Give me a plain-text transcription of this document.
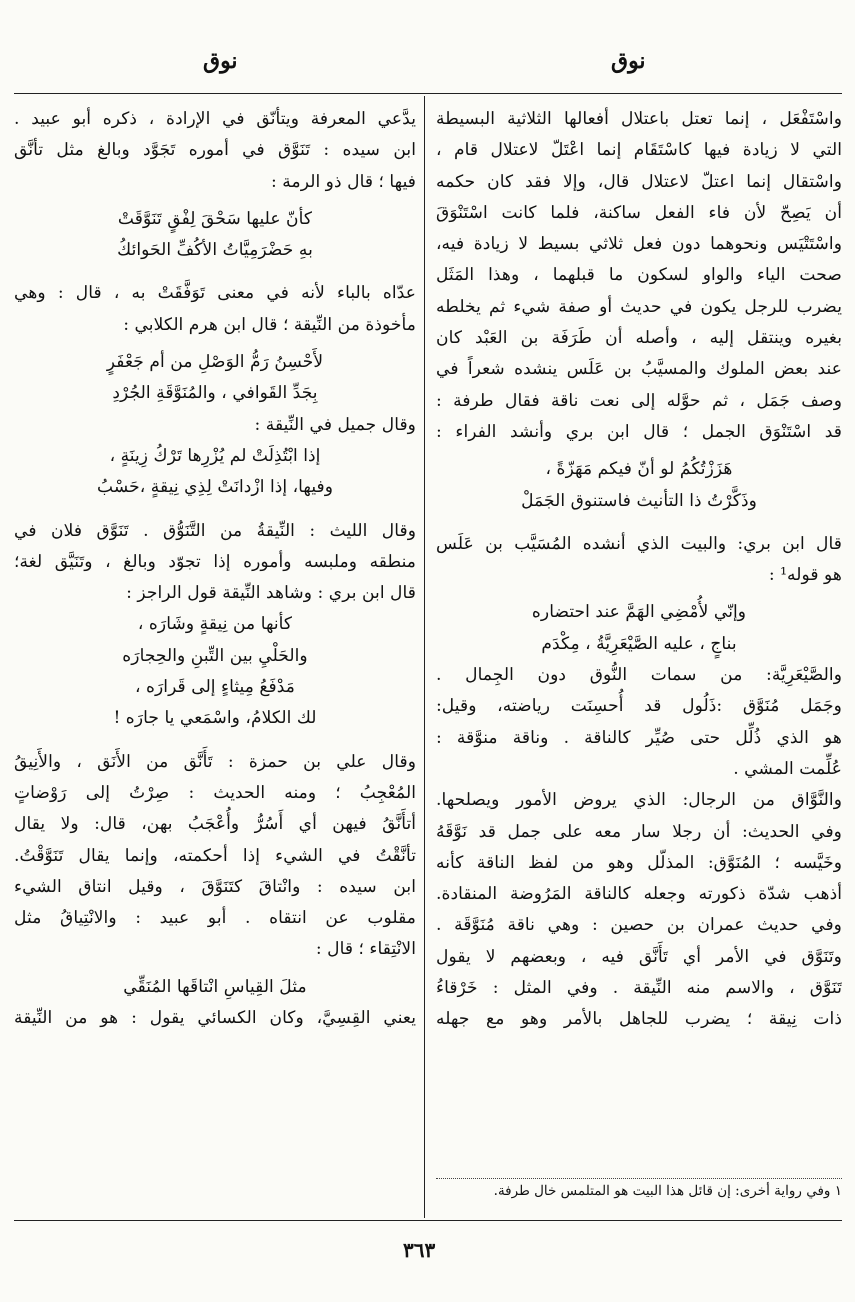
نوق
نوق
واسْتَفْعَل ، إنما تعتل باعتلال أفعالها الثلاثية البسيطة
التي لا زيادة فيها كاسْتَقَام إنما اعْتَلّ لاعتلال قام ،
واسْتقال إنما اعتلّ لاعتلال قال، وإلا فقد كان حكمه
أن يَصِحّ لأن فاء الفعل ساكنة، فلما كانت اسْتَنْوَقَ
واسْتَتْيَس ونحوهما دون فعل ثلاثي بسيط لا زيادة فيه،
صحت الياء والواو لسكون ما قبلهما ، وهذا المَثَل
يضرب للرجل يكون في حديث أو صفة شيء ثم يخلطه
بغيره وينتقل إليه ، وأصله أن طَرَفَة بن العَبْد كان
عند بعض الملوك والمسيَّبُ بن عَلَس ينشده شعراً في
وصف جَمَل ، ثم حوَّله إلى نعت ناقة فقال طرفة :
قد اسْتَنْوَق الجمل ؛ قال ابن بري وأنشد الفراء :
هَزَزْتُكُمُ لو أنّ فيكم مَهَزّةً ،
وذَكَّرْتُ ذا التأنيث فاستنوق الجَمَلْ
قال ابن بري: والبيت الذي أنشده المُسَيَّب بن عَلَس
هو قوله¹ :
وإنّي لأُمْضِي الهَمَّ عند احتضاره
بناجٍ ، عليه الصَّيْعَرِيَّةُ ، مِكْدَم
والصَّيْعَرِيَّة: من سمات النُّوق دون الجِمال .
وجَمَل مُنَوَّق :ذَلُول قد أُحسِنَت رياضته، وقيل:
هو الذي ذُلِّل حتى صُيِّر كالناقة . وناقة منوَّقة :
عُلِّمت المشي .
والنَّوَّاق من الرجال: الذي يروض الأمور ويصلحها.
وفي الحديث: أن رجلا سار معه على جمل قد نَوَّقَهُ
وخَيَّسه ؛ المُنَوَّق: المذلّل وهو من لفظ الناقة كأنه
أذهب شدّة ذكورته وجعله كالناقة المَرُوضة المنقادة.
وفي حديث عمران بن حصين : وهي ناقة مُنَوَّقَة .
وتَنَوَّق في الأمر أي تَأَنَّق فيه ، وبعضهم لا يقول
تَنَوَّق ، والاسم منه النِّيقة . وفي المثل : خَرْقاءُ
ذات نِيقة ؛ يضرب للجاهل بالأمر وهو مع جهله
١ وفي رواية أخرى: إن قائل هذا البيت هو المتلمس خال طرفة.
يدَّعي المعرفة ويتأنّق في الإرادة ، ذكره أبو عبيد .
ابن سيده : تَنَوَّق في أموره تَجَوَّد وبالغ مثل تأنَّق
فيها ؛ قال ذو الرمة :
كأنّ عليها سَحْقَ لِفْقٍ تَنَوَّقَتْ
بهِ حَضْرَمِيَّاتُ الأكُفِّ الحَوائكُ
عدّاه بالباء لأنه في معنى تَوَفَّقَتْ به ، قال : وهي
مأخوذة من النِّيقة ؛ قال ابن هرم الكلابي :
لأَحْسِنُ رَمُّ الوَصْلِ من أم جَعْفَرٍ
بِجَدِّ القَوافي ، والمُنَوَّقَةِ الجُرْدِ
وقال جميل في النِّيقة :
إذا ابْتُذِلَتْ لم يُزْرِها تَرْكُ زِينَةٍ ،
وفيها، إذا ازْدانَتْ لِذِي نِيقةٍ ،حَسْبُ
وقال الليث : النِّيقةُ من التَّنَوُّق . تَنَوَّق فلان في
منطقه وملبسه وأموره إذا تجوّد وبالغ ، وتَنَيَّق لغة؛
قال ابن بري : وشاهد النِّيقة قول الراجز :
كأنها من نِيقةٍ وشَارَه ،
والحَلْيِ بين التِّبنِ والحِجارَه
مَدْفَعُ مِيثاءٍ إلى قَرارَه ،
لك الكلامُ، واسْمَعي يا جارَه !
وقال علي بن حمزة : تَأَنَّق من الأَنَق ، والأَنِيقُ
المُعْجِبُ ؛ ومنه الحديث : صِرْتُ إلى رَوْضاتٍ
أتأَنَّقُ فيهن أي أَسُرُّ وأُعْجَبُ بهن، قال: ولا يقال
تأنَّقْتُ في الشيء إذا أحكمته، وإنما يقال تَنَوَّقْتُ.
ابن سيده : وانْتاقَ كتَنَوَّقَ ، وقيل انتاق الشيء
مقلوب عن انتقاه . أبو عبيد : والانْتِياقُ مثل
الانْتِقاء ؛ قال :
مثلَ القِياسِ انْتاقَها المُنَقِّي
يعني القِسِيَّ، وكان الكسائي يقول : هو من النِّيقة
٣٦٣
